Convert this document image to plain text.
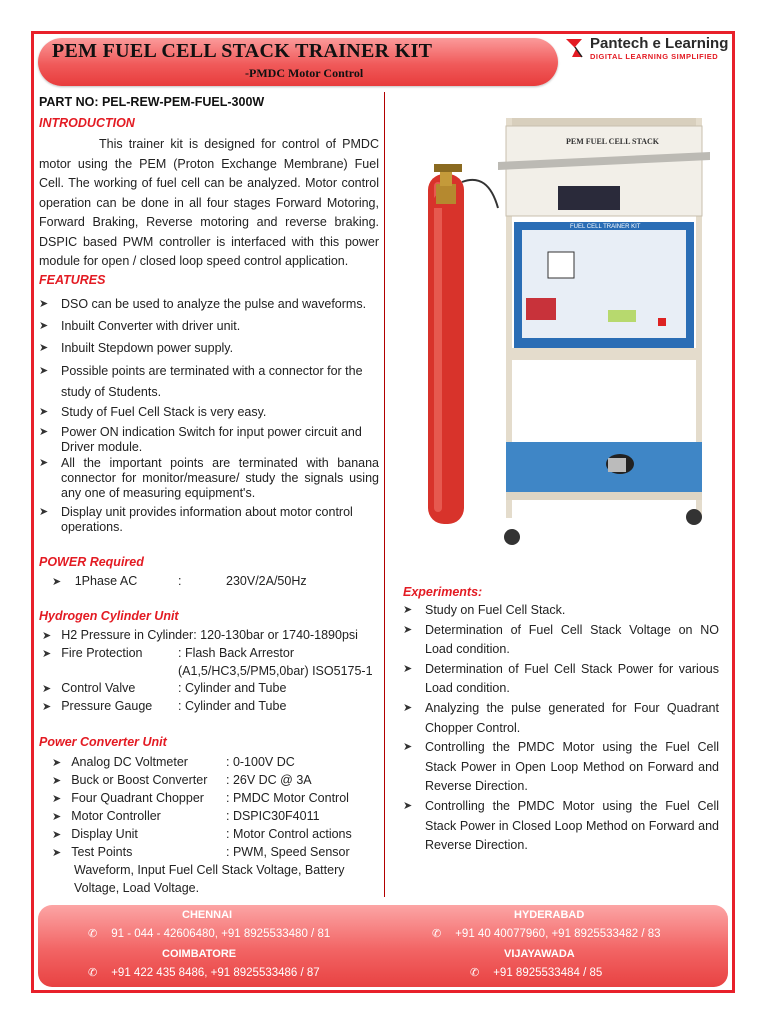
PEM FUEL CELL STACK TRAINER KIT
-PMDC Motor Control
Pantech e Learning
DIGITAL LEARNING SIMPLIFIED
PART NO: PEL-REW-PEM-FUEL-300W
INTRODUCTION
This trainer kit is designed for control of PMDC motor using the PEM (Proton Exchange Membrane) Fuel Cell. The working of fuel cell can be analyzed. Motor control operation can be done in all four stages Forward Motoring, Forward Braking, Reverse motoring and reverse braking. DSPIC based PWM controller is interfaced with this power module for open / closed loop speed control application.
FEATURES
➤ DSO can be used to analyze the pulse and waveforms.
➤ Inbuilt Converter with driver unit.
➤ Inbuilt Stepdown power supply.
➤ Possible points are terminated with a connector for the study of Students.
➤ Study of Fuel Cell Stack is very easy.
➤ Power ON indication Switch for input power circuit and Driver module.
➤ All the important points are terminated with banana connector for monitor/measure/ study the signals using any one of measuring equipment's.
➤ Display unit provides information about motor control operations.
POWER Required
➤ 1Phase AC	:	230V/2A/50Hz
Hydrogen Cylinder Unit
➤ H2 Pressure in Cylinder: 120-130bar or 1740-1890psi
➤ Fire Protection	: Flash Back Arrestor
(A1,5/HC3,5/PM5,0bar) ISO5175-1
➤ Control Valve	: Cylinder and Tube
➤ Pressure Gauge : Cylinder and Tube
Power Converter Unit
➤ Analog DC Voltmeter	: 0-100V DC
➤ Buck or Boost Converter : 26V DC @ 3A
➤ Four Quadrant Chopper : PMDC Motor Control
➤ Motor Controller	: DSPIC30F4011
➤ Display Unit	: Motor Control actions
➤ Test Points	: PWM, Speed Sensor
Waveform, Input Fuel Cell Stack Voltage, Battery
Voltage, Load Voltage.
PEM FUEL CELL STACK
FUEL CELL TRAINER KIT
Experiments:
➤ Study on Fuel Cell Stack.
➤ Determination of Fuel Cell Stack Voltage on NO Load condition.
➤ Determination of Fuel Cell Stack Power for various Load condition.
➤ Analyzing the pulse generated for Four Quadrant Chopper Control.
➤ Controlling the PMDC Motor using the Fuel Cell Stack Power in Open Loop Method on Forward and Reverse Direction.
➤ Controlling the PMDC Motor using the Fuel Cell Stack Power in Closed Loop Method on Forward and Reverse Direction.
CHENNAI
✆ 91 - 044 - 42606480, +91 8925533480 / 81
COIMBATORE
✆ +91 422 435 8486, +91 8925533486 / 87
HYDERABAD
✆ +91 40 40077960, +91 8925533482 / 83
VIJAYAWADA
✆ +91 8925533484 / 85
